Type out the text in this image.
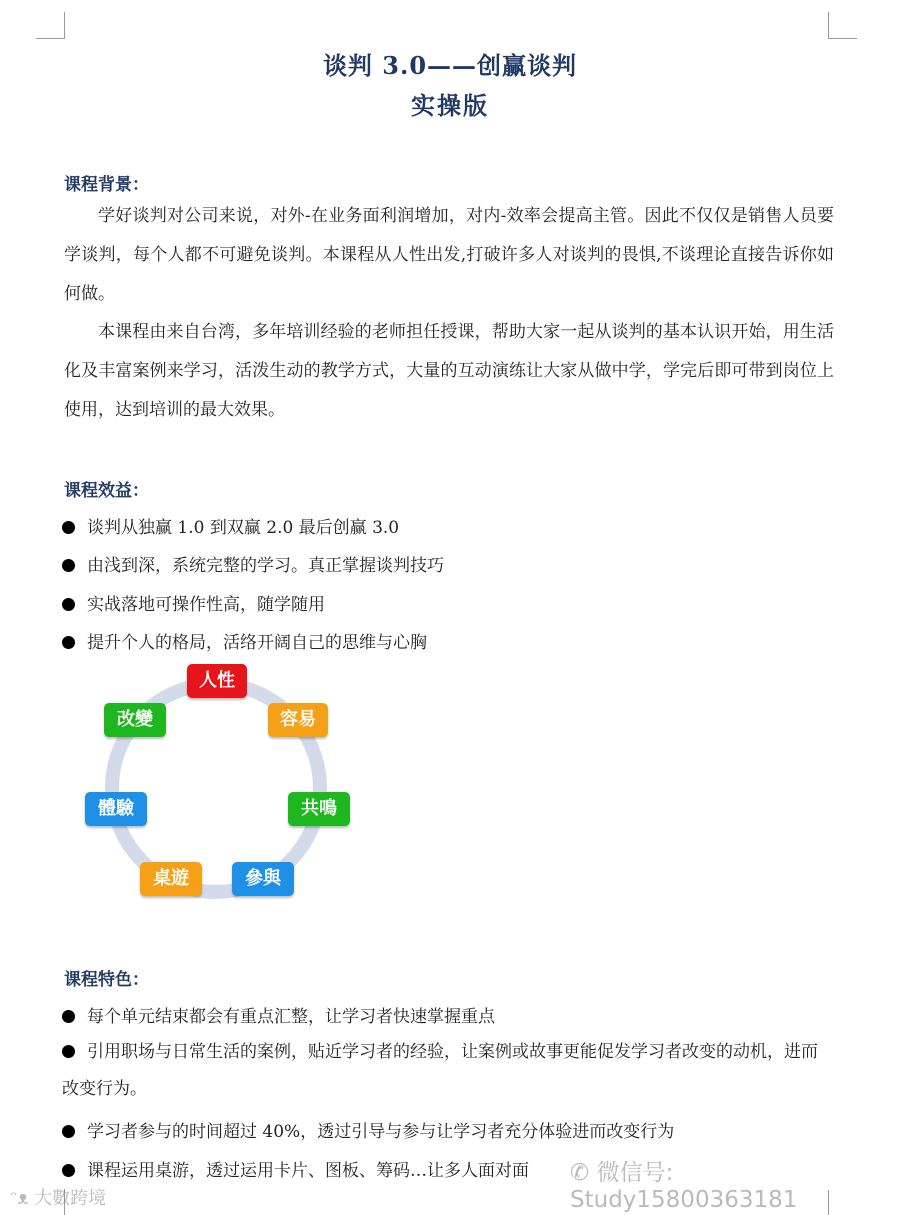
谈判 3.0——创赢谈判
实操版
课程背景：
学好谈判对公司来说，对外-在业务面利润增加，对内-效率会提高主管。因此不仅仅是销售人员要学谈判，每个人都不可避免谈判。本课程从人性出发,打破许多人对谈判的畏惧,不谈理论直接告诉你如何做。
本课程由来自台湾，多年培训经验的老师担任授课，帮助大家一起从谈判的基本认识开始，用生活化及丰富案例来学习，活泼生动的教学方式，大量的互动演练让大家从做中学，学完后即可带到岗位上使用，达到培训的最大效果。
课程效益：
谈判从独赢 1.0 到双赢 2.0 最后创赢 3.0
由浅到深，系统完整的学习。真正掌握谈判技巧
实战落地可操作性高，随学随用
提升个人的格局，活络开阔自己的思维与心胸
人性
容易
共鳴
參與
桌遊
體驗
改變
课程特色：
每个单元结束都会有重点汇整，让学习者快速掌握重点
引用职场与日常生活的案例，贴近学习者的经验，让案例或故事更能促发学习者改变的动机，进而改变行为。
学习者参与的时间超过 40%，透过引导与参与让学习者充分体验进而改变行为
课程运用桌游，透过运用卡片、图板、筹码…让多人面对面 ✆ 微信号: Study15800363181
ᵔᴥ 大數跨境
